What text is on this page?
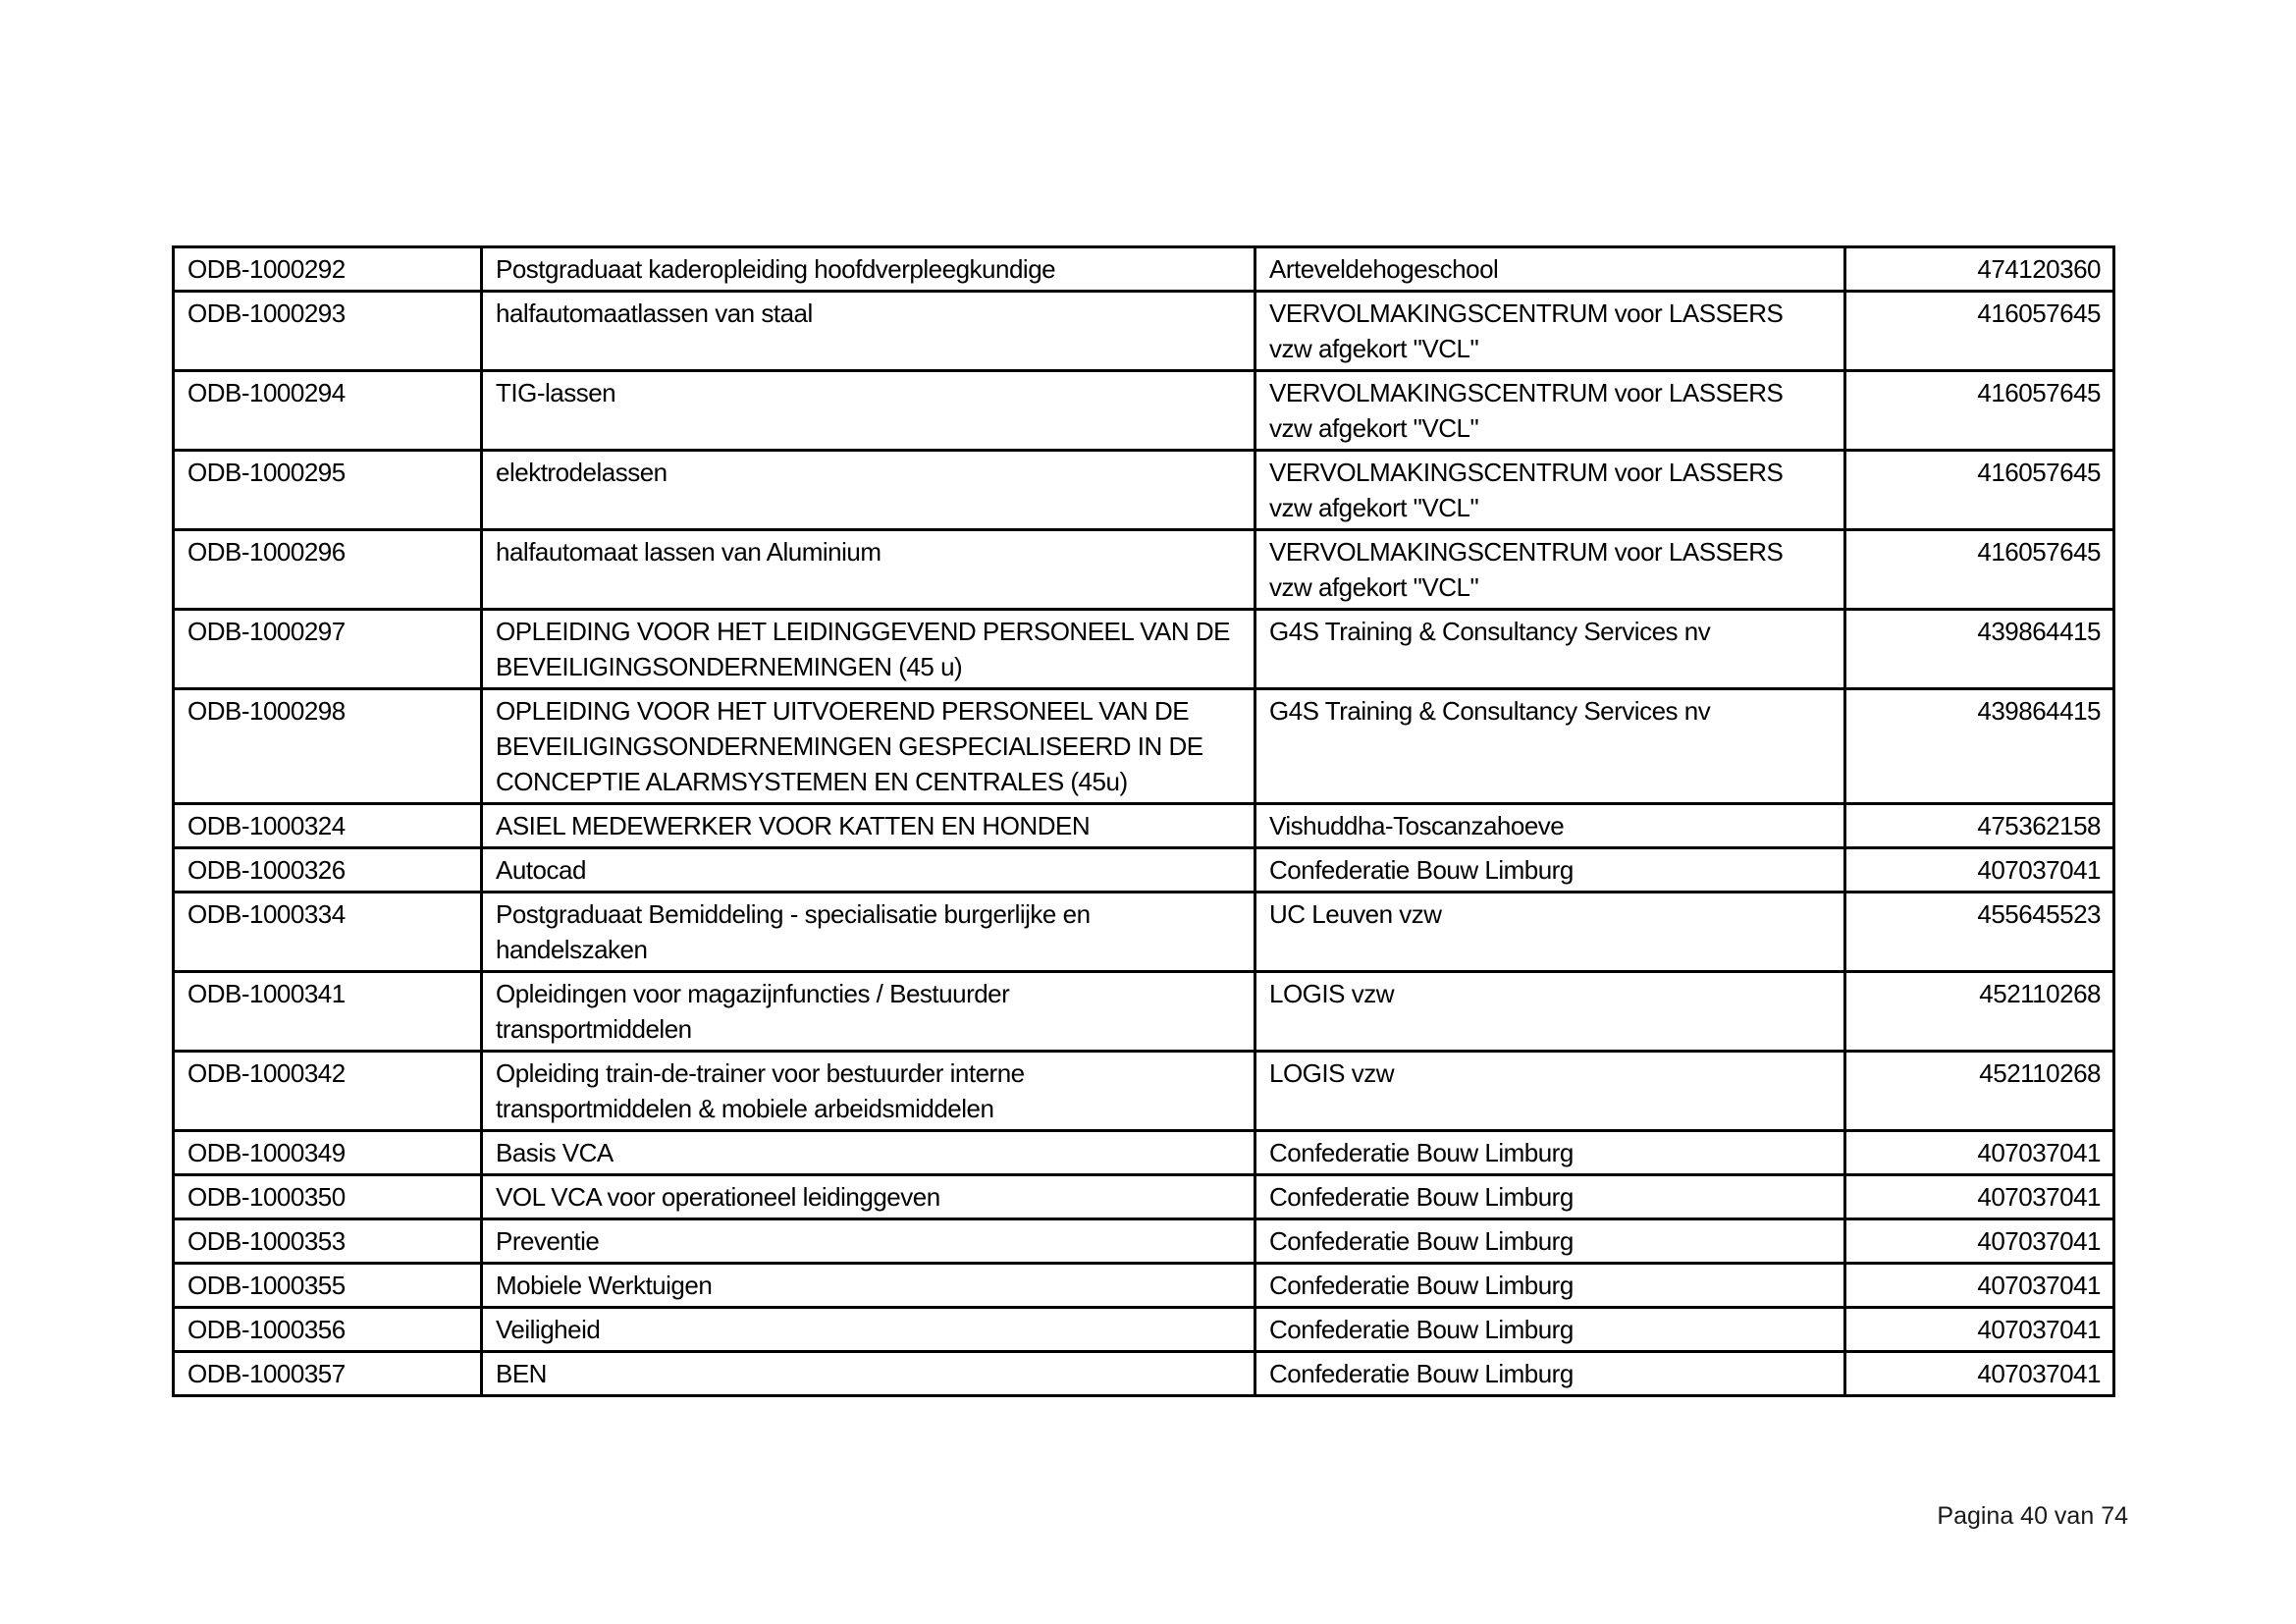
ODB-1000292	Postgraduaat kaderopleiding hoofdverpleegkundige	Arteveldehogeschool	474120360

ODB-1000293	halfautomaatlassen van staal	VERVOLMAKINGSCENTRUM voor LASSERS
vzw afgekort "VCL"	416057645

ODB-1000294	TIG-lassen	VERVOLMAKINGSCENTRUM voor LASSERS
vzw afgekort "VCL"	416057645

ODB-1000295	elektrodelassen	VERVOLMAKINGSCENTRUM voor LASSERS
vzw afgekort "VCL"	416057645

ODB-1000296	halfautomaat lassen van Aluminium	VERVOLMAKINGSCENTRUM voor LASSERS
vzw afgekort "VCL"	416057645

ODB-1000297	OPLEIDING VOOR HET LEIDINGGEVEND PERSONEEL VAN DE
BEVEILIGINGSONDERNEMINGEN (45 u)	G4S Training & Consultancy Services nv	439864415

ODB-1000298	OPLEIDING VOOR HET UITVOEREND PERSONEEL VAN DE
BEVEILIGINGSONDERNEMINGEN GESPECIALISEERD IN DE
CONCEPTIE ALARMSYSTEMEN EN CENTRALES (45u)	G4S Training & Consultancy Services nv	439864415

ODB-1000324	ASIEL MEDEWERKER VOOR KATTEN EN HONDEN	Vishuddha-Toscanzahoeve	475362158

ODB-1000326	Autocad	Confederatie Bouw Limburg	407037041

ODB-1000334	Postgraduaat Bemiddeling - specialisatie burgerlijke en
handelszaken	UC Leuven vzw	455645523

ODB-1000341	Opleidingen voor magazijnfuncties / Bestuurder
transportmiddelen	LOGIS vzw	452110268

ODB-1000342	Opleiding train-de-trainer voor bestuurder interne
transportmiddelen & mobiele arbeidsmiddelen	LOGIS vzw	452110268

ODB-1000349	Basis VCA	Confederatie Bouw Limburg	407037041

ODB-1000350	VOL VCA voor operationeel leidinggeven	Confederatie Bouw Limburg	407037041

ODB-1000353	Preventie	Confederatie Bouw Limburg	407037041

ODB-1000355	Mobiele Werktuigen	Confederatie Bouw Limburg	407037041

ODB-1000356	Veiligheid	Confederatie Bouw Limburg	407037041

ODB-1000357	BEN	Confederatie Bouw Limburg	407037041
Pagina 40 van 74
